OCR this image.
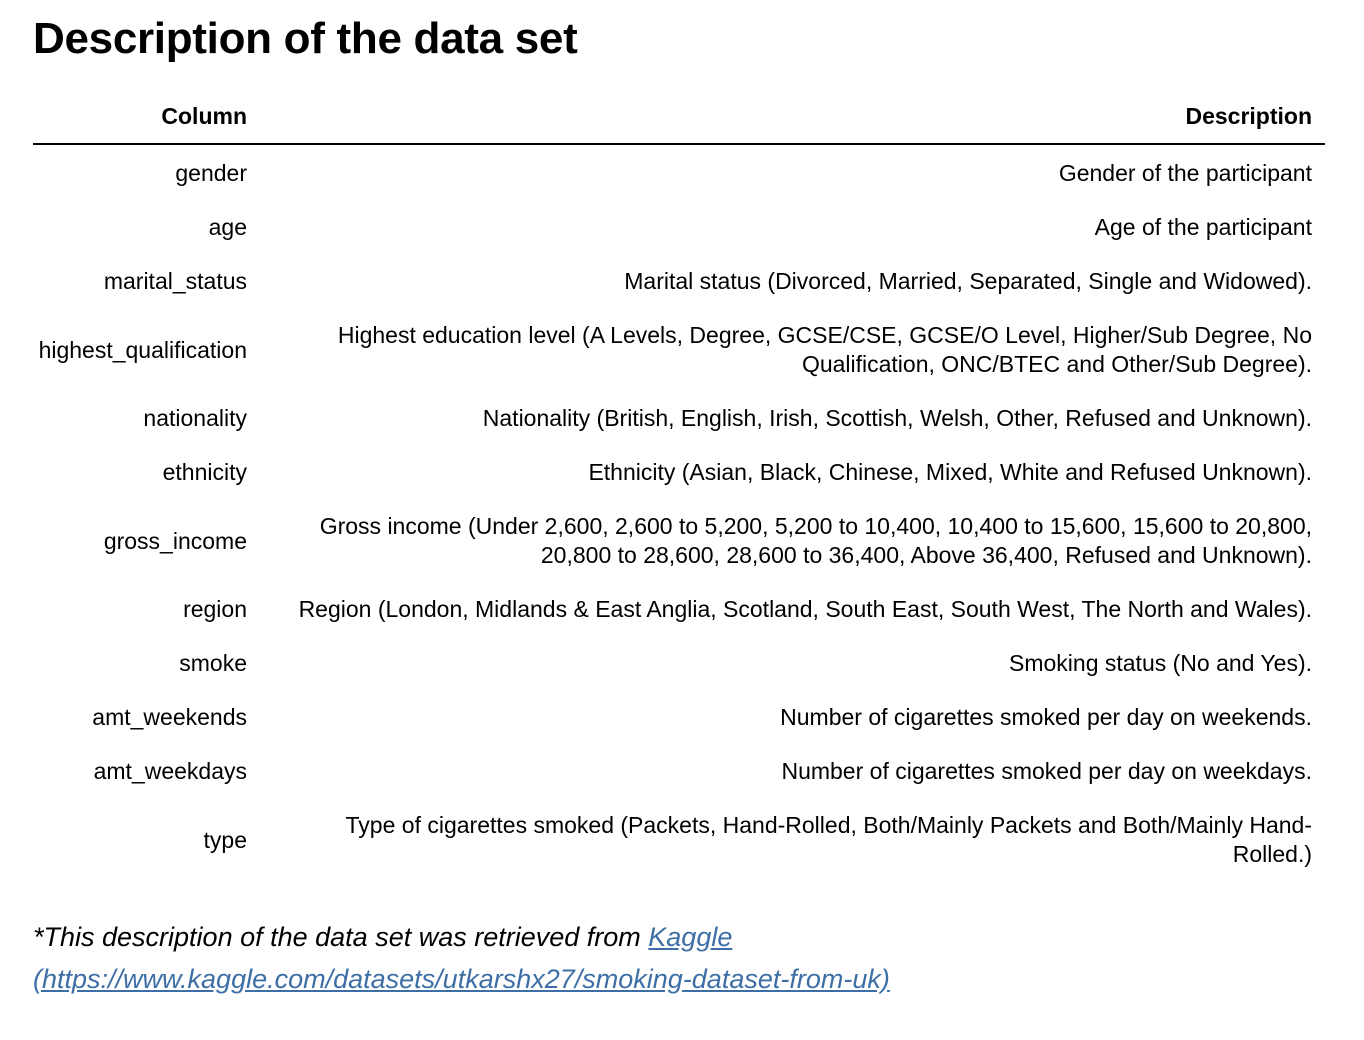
Description of the data set
Column	Description
gender	Gender of the participant
age	Age of the participant
marital_status	Marital status (Divorced, Married, Separated, Single and Widowed).
highest_qualification	Highest education level (A Levels, Degree, GCSE/CSE, GCSE/O Level, Higher/Sub Degree, No Qualification, ONC/BTEC and Other/Sub Degree).
nationality	Nationality (British, English, Irish, Scottish, Welsh, Other, Refused and Unknown).
ethnicity	Ethnicity (Asian, Black, Chinese, Mixed, White and Refused Unknown).
gross_income	Gross income (Under 2,600, 2,600 to 5,200, 5,200 to 10,400, 10,400 to 15,600, 15,600 to 20,800, 20,800 to 28,600, 28,600 to 36,400, Above 36,400, Refused and Unknown).
region	Region (London, Midlands & East Anglia, Scotland, South East, South West, The North and Wales).
smoke	Smoking status (No and Yes).
amt_weekends	Number of cigarettes smoked per day on weekends.
amt_weekdays	Number of cigarettes smoked per day on weekdays.
type	Type of cigarettes smoked (Packets, Hand-Rolled, Both/Mainly Packets and Both/Mainly Hand-Rolled.)

*This description of the data set was retrieved from Kaggle (https://www.kaggle.com/datasets/utkarshx27/smoking-dataset-from-uk)
